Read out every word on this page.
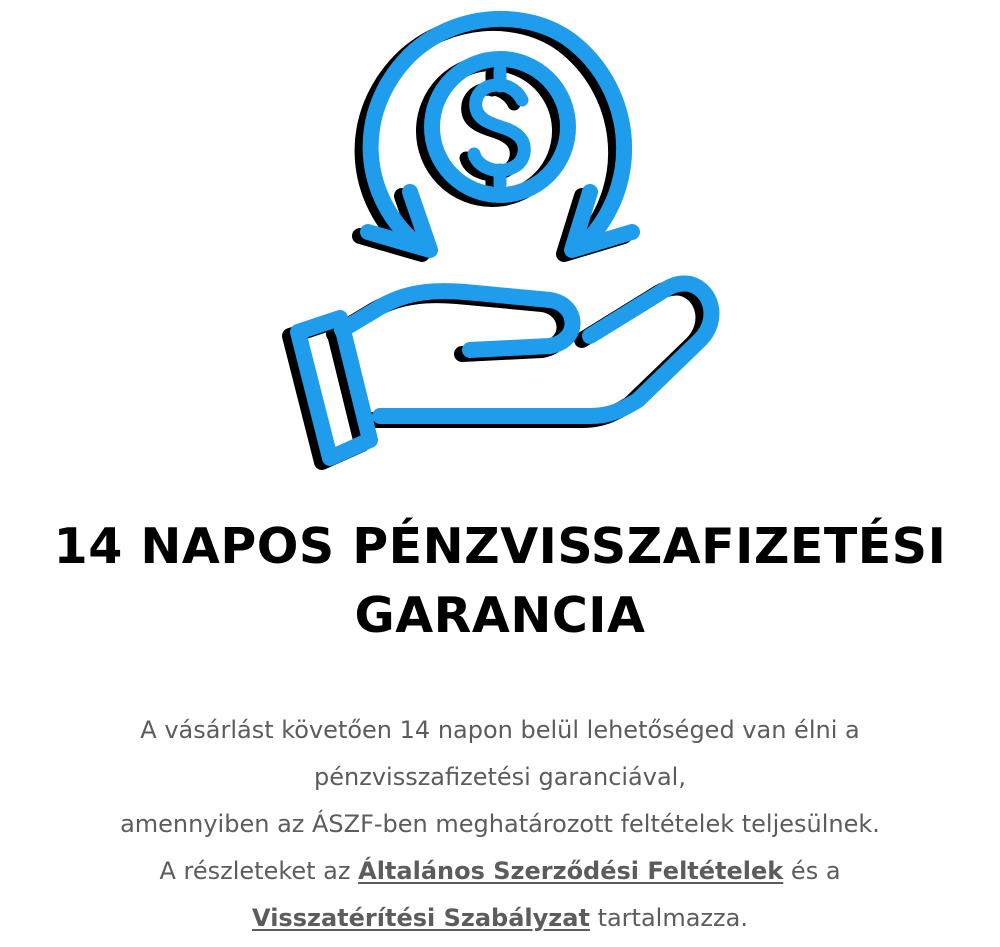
14 NAPOS PÉNZVISSZAFIZETÉSI
GARANCIA

A vásárlást követően 14 napon belül lehetőséged van élni a
pénzvisszafizetési garanciával,
amennyiben az ÁSZF-ben meghatározott feltételek teljesülnek.
A részleteket az Általános Szerződési Feltételek és a
Visszatérítési Szabályzat tartalmazza.
